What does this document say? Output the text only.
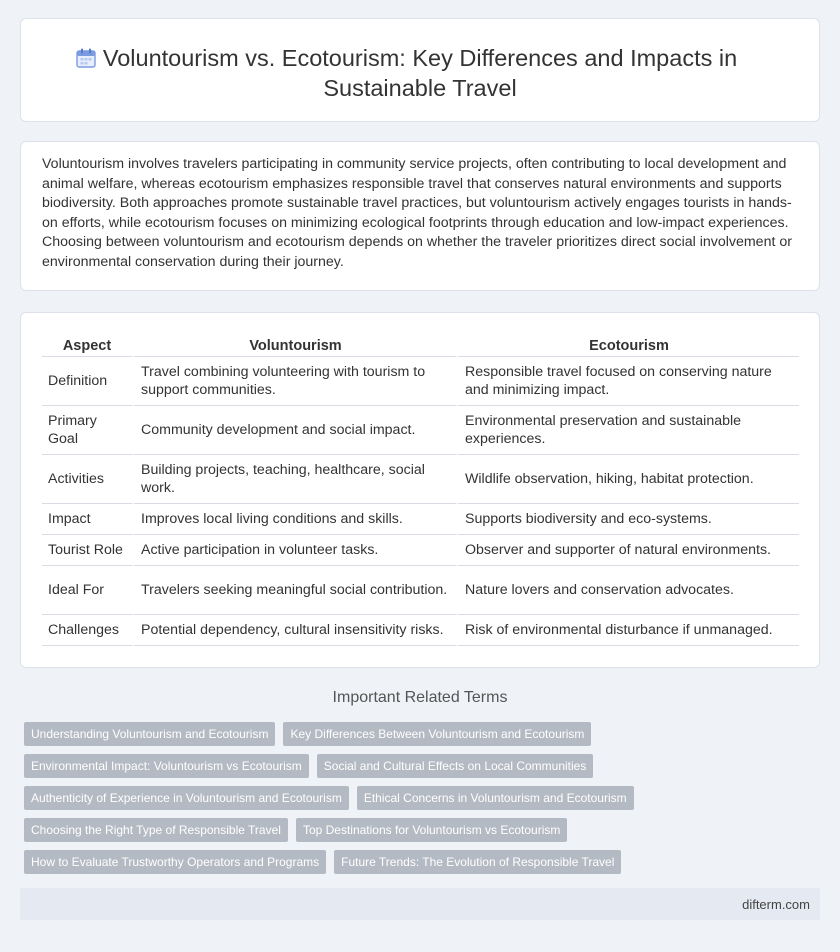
Voluntourism vs. Ecotourism: Key Differences and Impacts in
Sustainable Travel

Voluntourism involves travelers participating in community service projects, often contributing to local development and animal welfare, whereas ecotourism emphasizes responsible travel that conserves natural environments and supports biodiversity. Both approaches promote sustainable travel practices, but voluntourism actively engages tourists in hands-on efforts, while ecotourism focuses on minimizing ecological footprints through education and low-impact experiences. Choosing between voluntourism and ecotourism depends on whether the traveler prioritizes direct social involvement or environmental conservation during their journey.

Aspect	Voluntourism	Ecotourism
Definition	Travel combining volunteering with tourism to support communities.	Responsible travel focused on conserving nature and minimizing impact.
Primary Goal	Community development and social impact.	Environmental preservation and sustainable experiences.
Activities	Building projects, teaching, healthcare, social work.	Wildlife observation, hiking, habitat protection.
Impact	Improves local living conditions and skills.	Supports biodiversity and eco-systems.
Tourist Role	Active participation in volunteer tasks.	Observer and supporter of natural environments.
Ideal For	Travelers seeking meaningful social contribution.	Nature lovers and conservation advocates.
Challenges	Potential dependency, cultural insensitivity risks.	Risk of environmental disturbance if unmanaged.
Important Related Terms
Understanding Voluntourism and Ecotourism	Key Differences Between Voluntourism and Ecotourism
Environmental Impact: Voluntourism vs Ecotourism	Social and Cultural Effects on Local Communities
Authenticity of Experience in Voluntourism and Ecotourism	Ethical Concerns in Voluntourism and Ecotourism
Choosing the Right Type of Responsible Travel	Top Destinations for Voluntourism vs Ecotourism
How to Evaluate Trustworthy Operators and Programs	Future Trends: The Evolution of Responsible Travel
difterm.com
